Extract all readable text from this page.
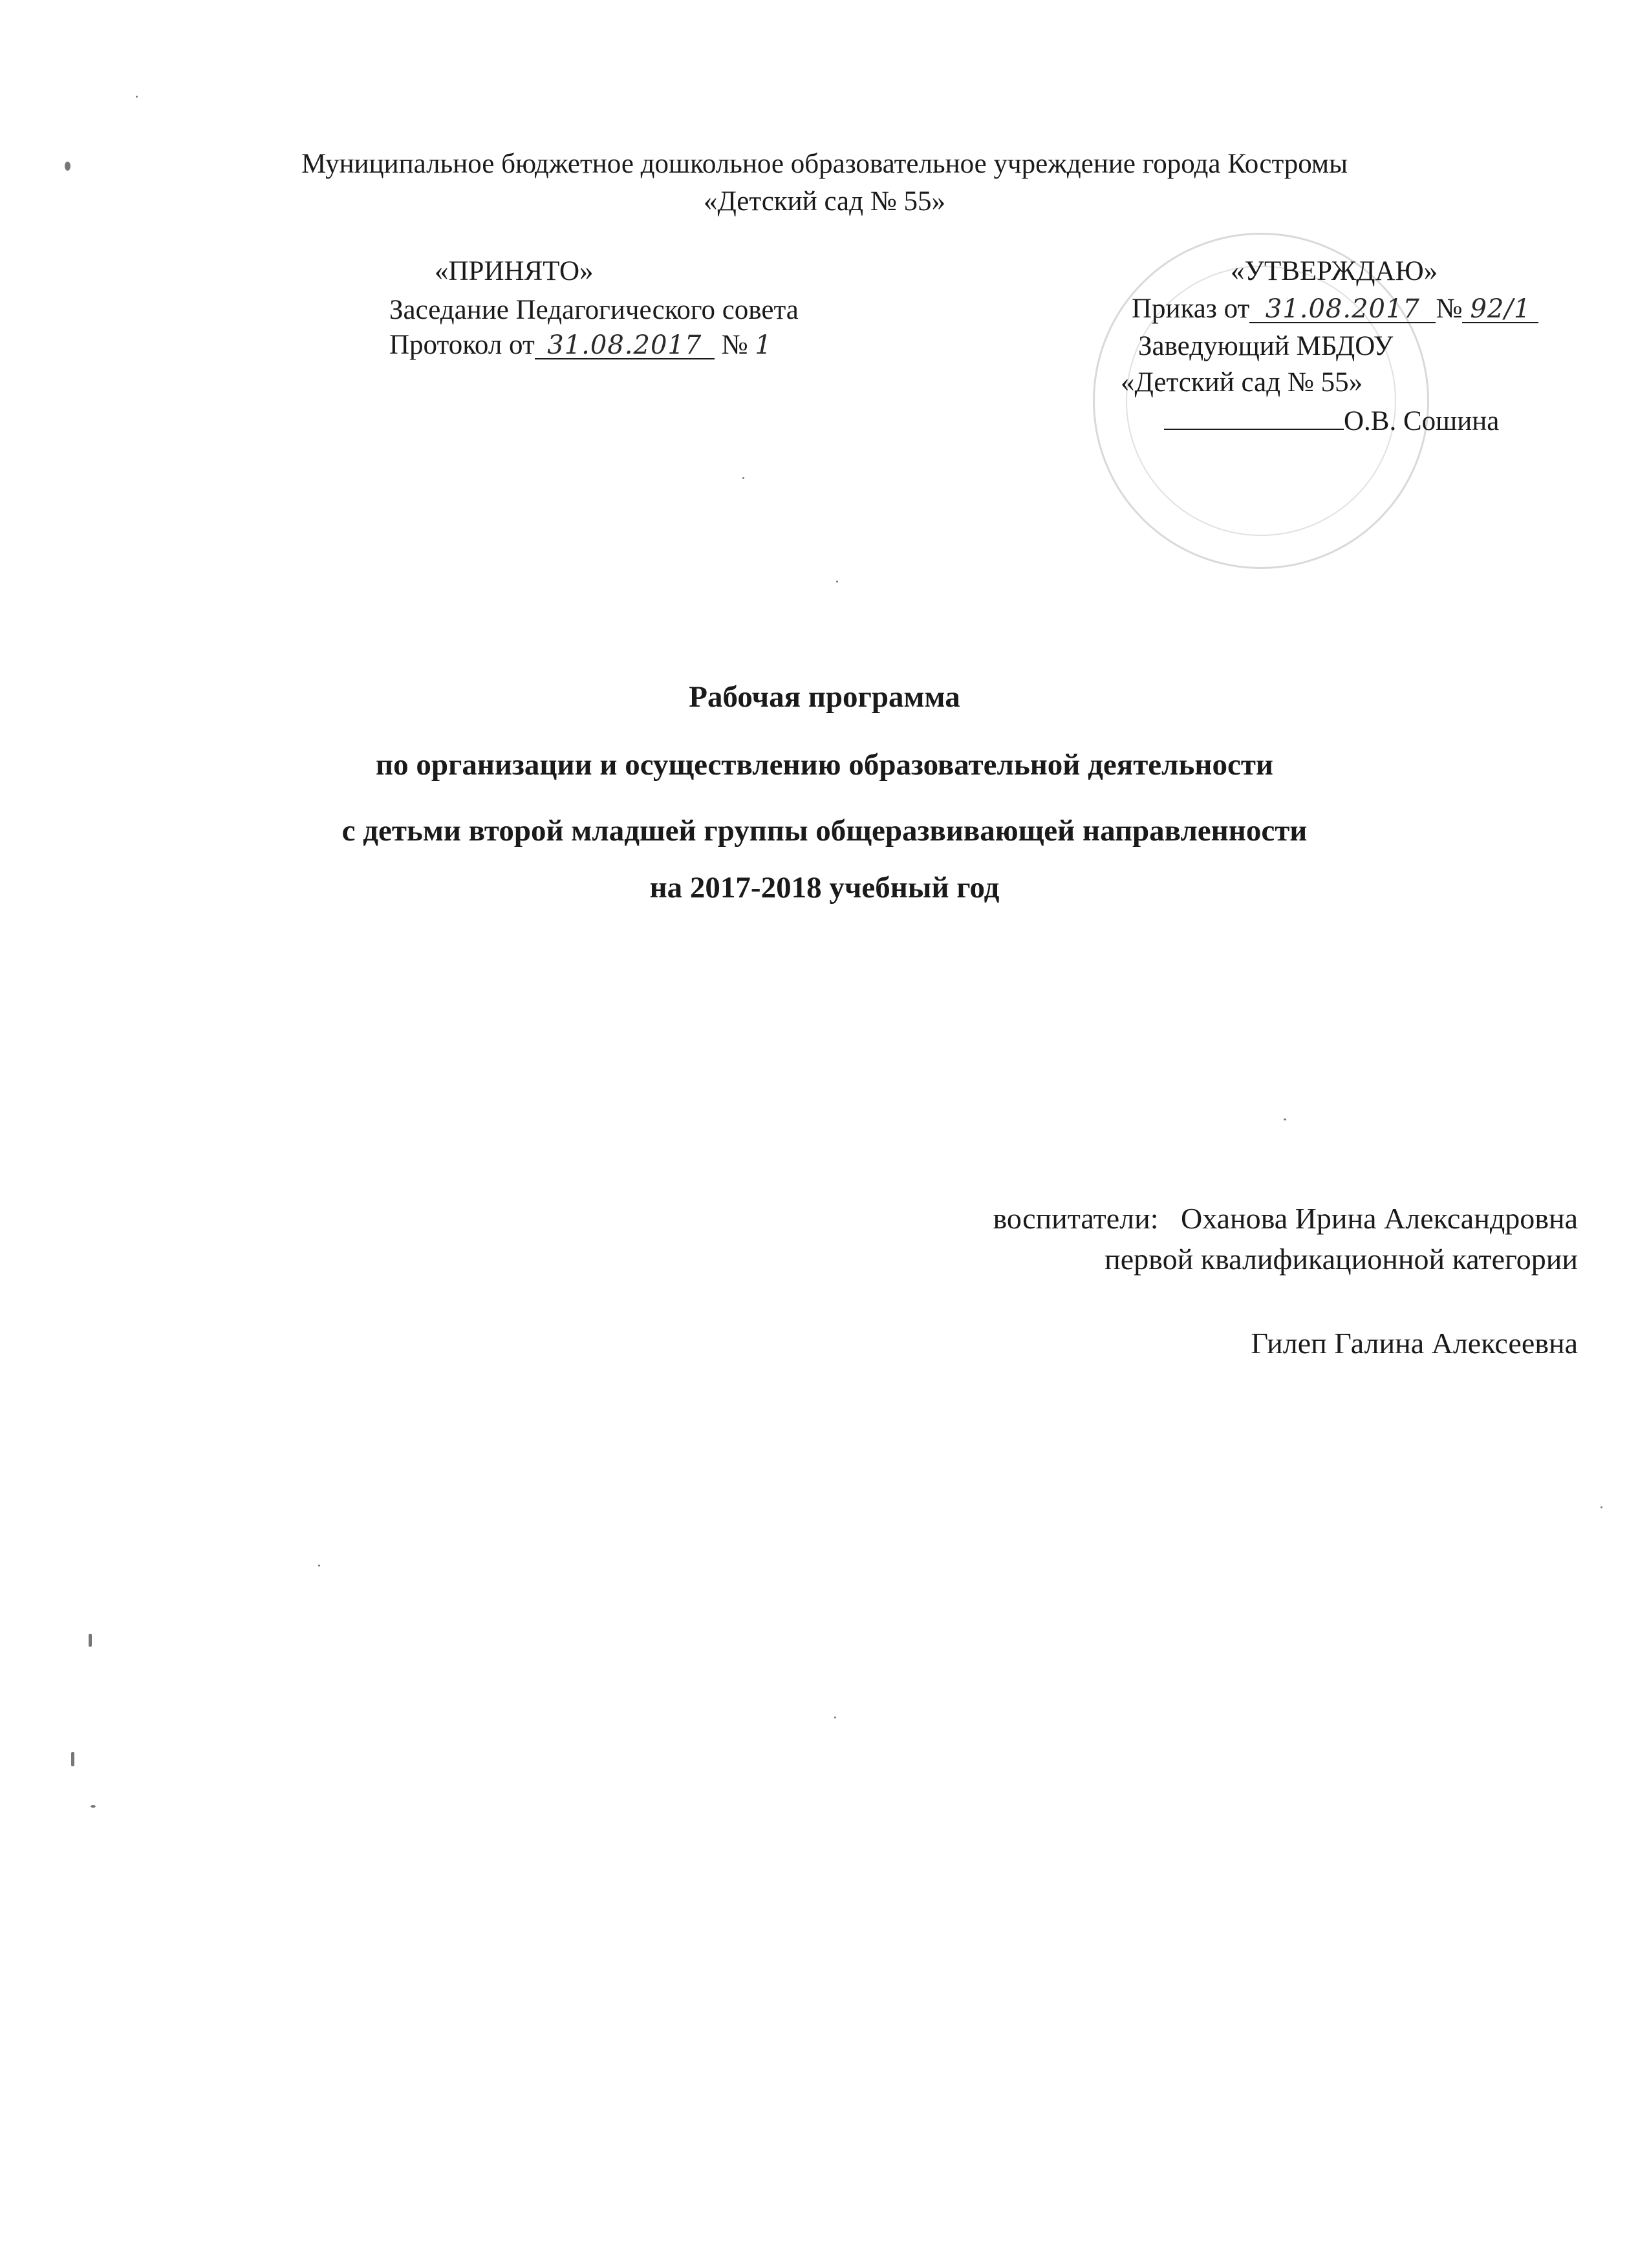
Муниципальное бюджетное дошкольное образовательное учреждение города Костромы
«Детский сад № 55»
«ПРИНЯТО»
Заседание Педагогического совета
Протокол от 31.08.2017 № 1
«УТВЕРЖДАЮ»
Приказ от 31.08.2017 № 92/1
Заведующий МБДОУ
«Детский сад № 55»
О.В. Сошина
Рабочая программа
по организации и осуществлению образовательной деятельности
с детьми второй младшей группы общеразвивающей направленности
на 2017-2018 учебный год
воспитатели: Оханова Ирина Александровна
первой квалификационной категории
Гилеп Галина Алексеевна
